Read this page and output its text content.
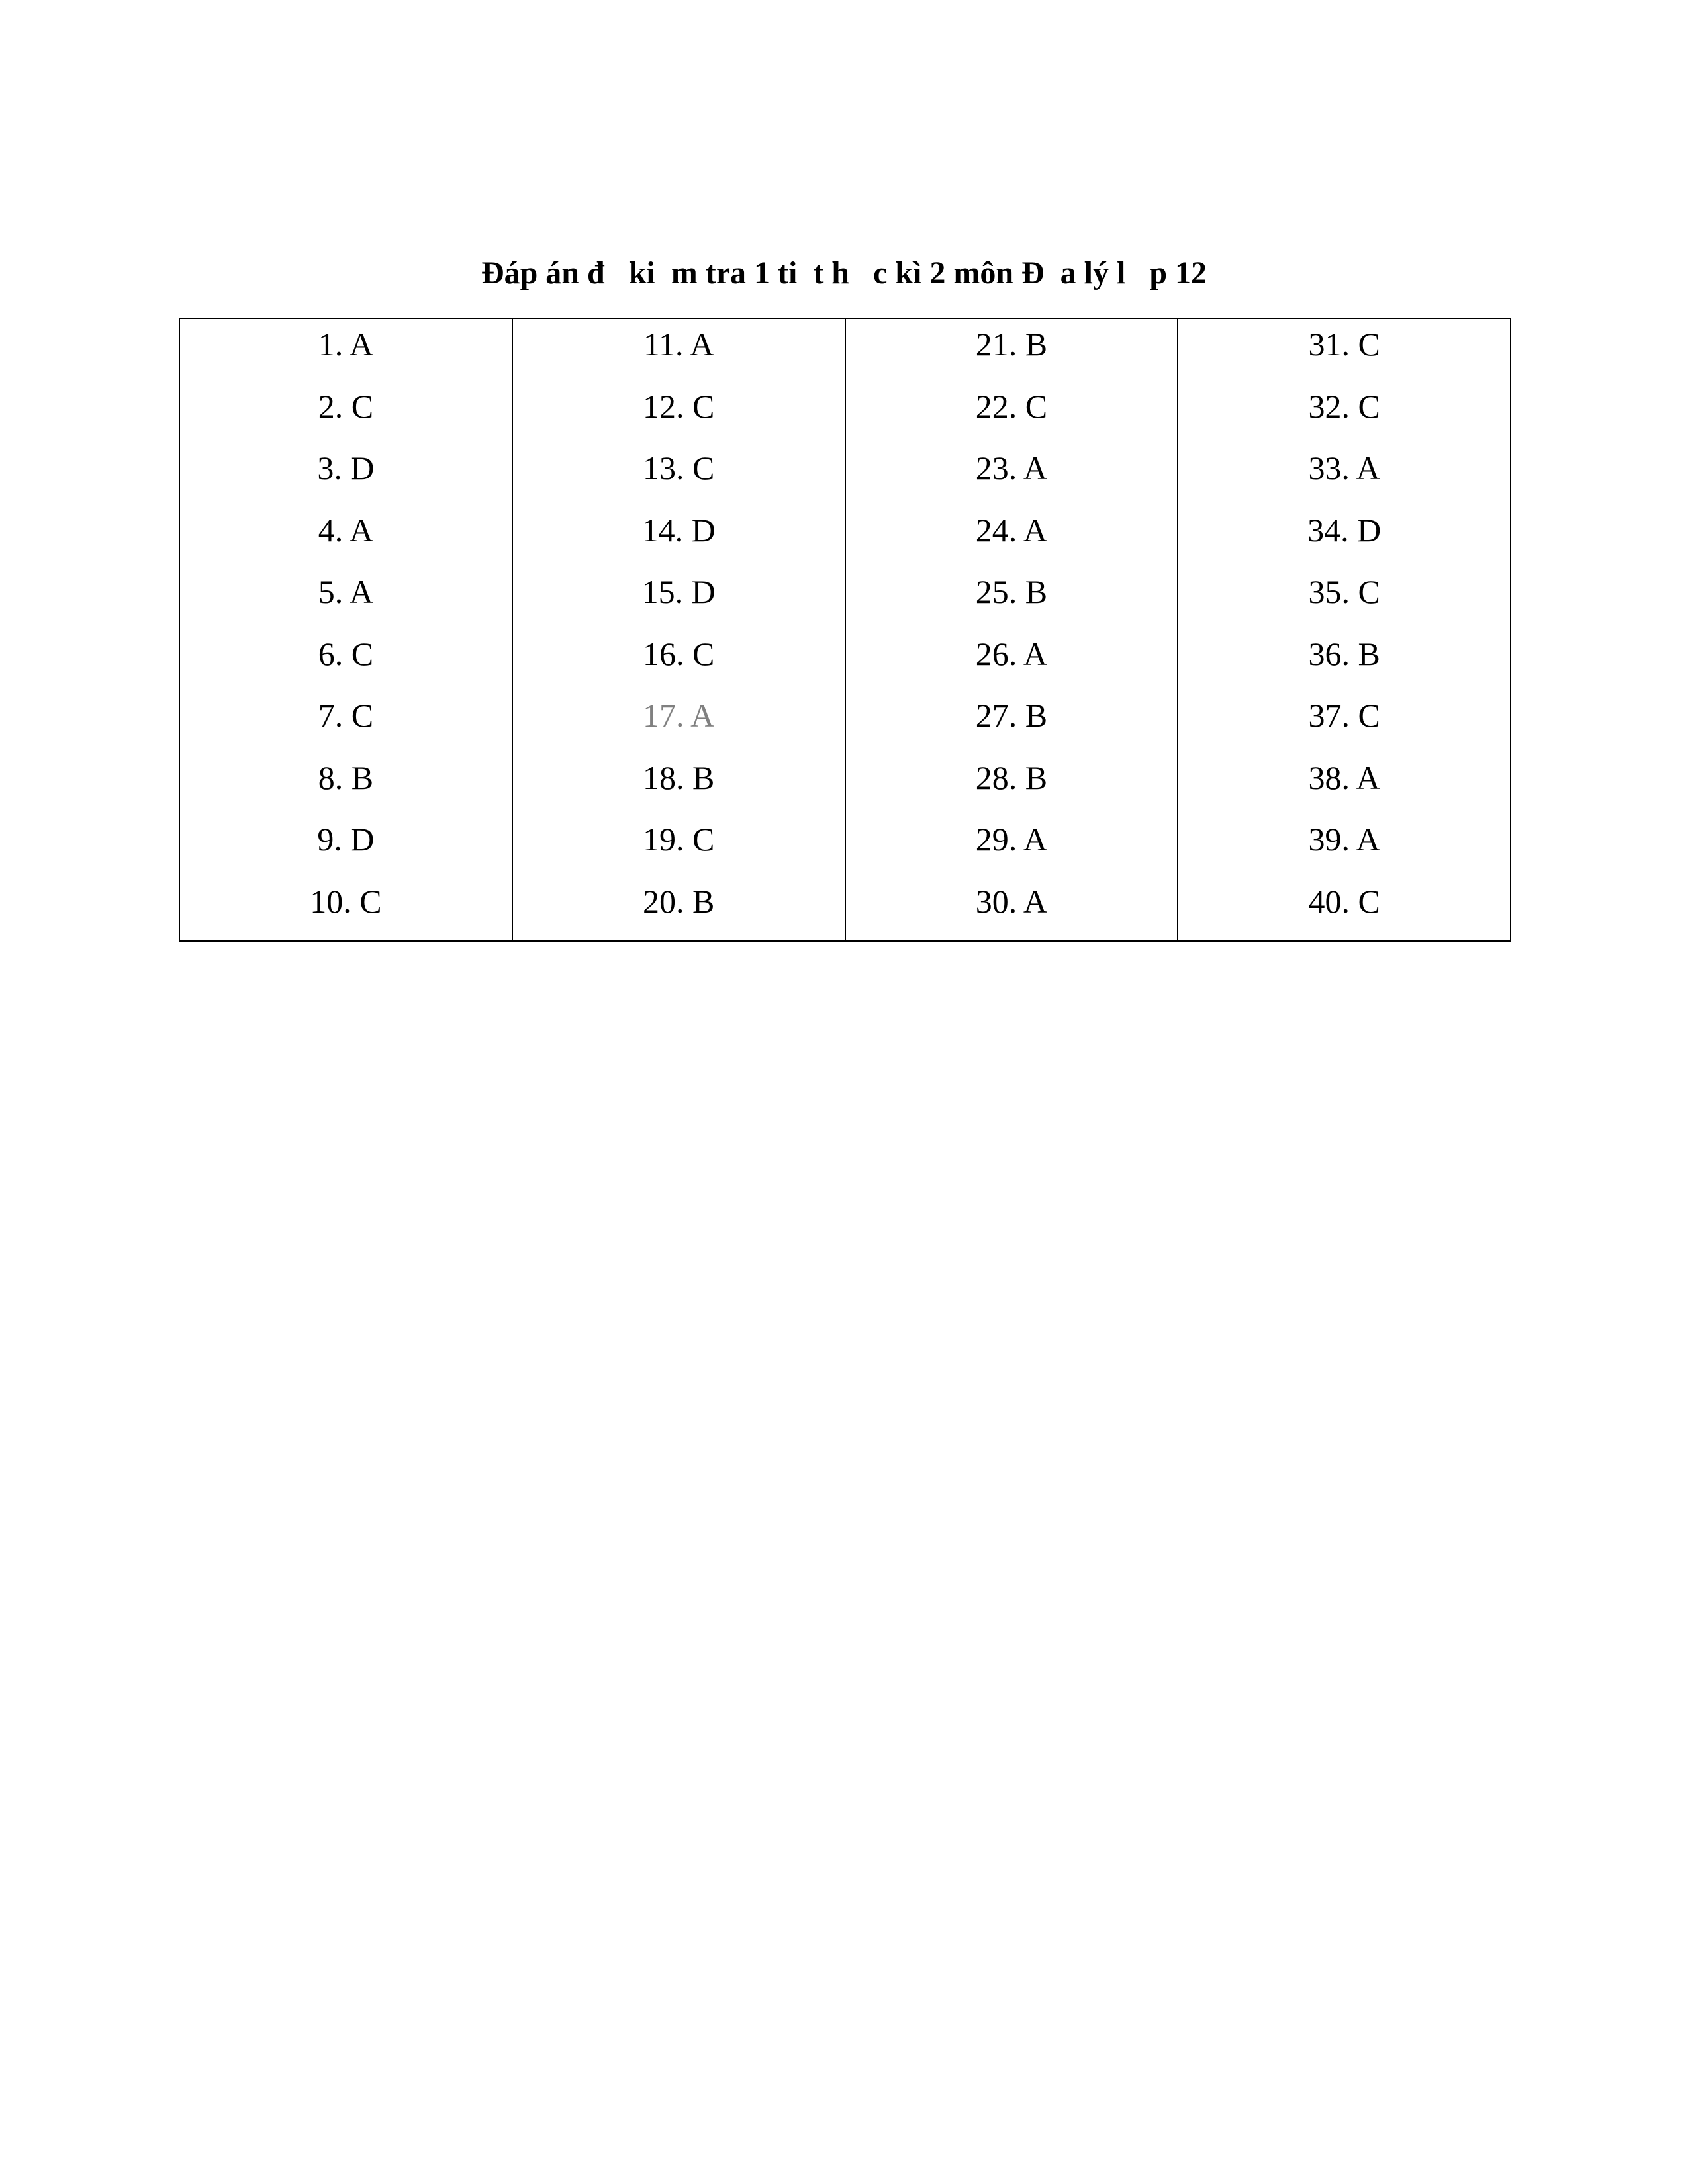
Đáp án đ   ki  m tra 1 ti  t h   c kì 2 môn Đ  a lý l   p 12
1. A
2. C
3. D
4. A
5. A
6. C
7. C
8. B
9. D
10. C
11. A
12. C
13. C
14. D
15. D
16. C
17. A
18. B
19. C
20. B
21. B
22. C
23. A
24. A
25. B
26. A
27. B
28. B
29. A
30. A
31. C
32. C
33. A
34. D
35. C
36. B
37. C
38. A
39. A
40. C
